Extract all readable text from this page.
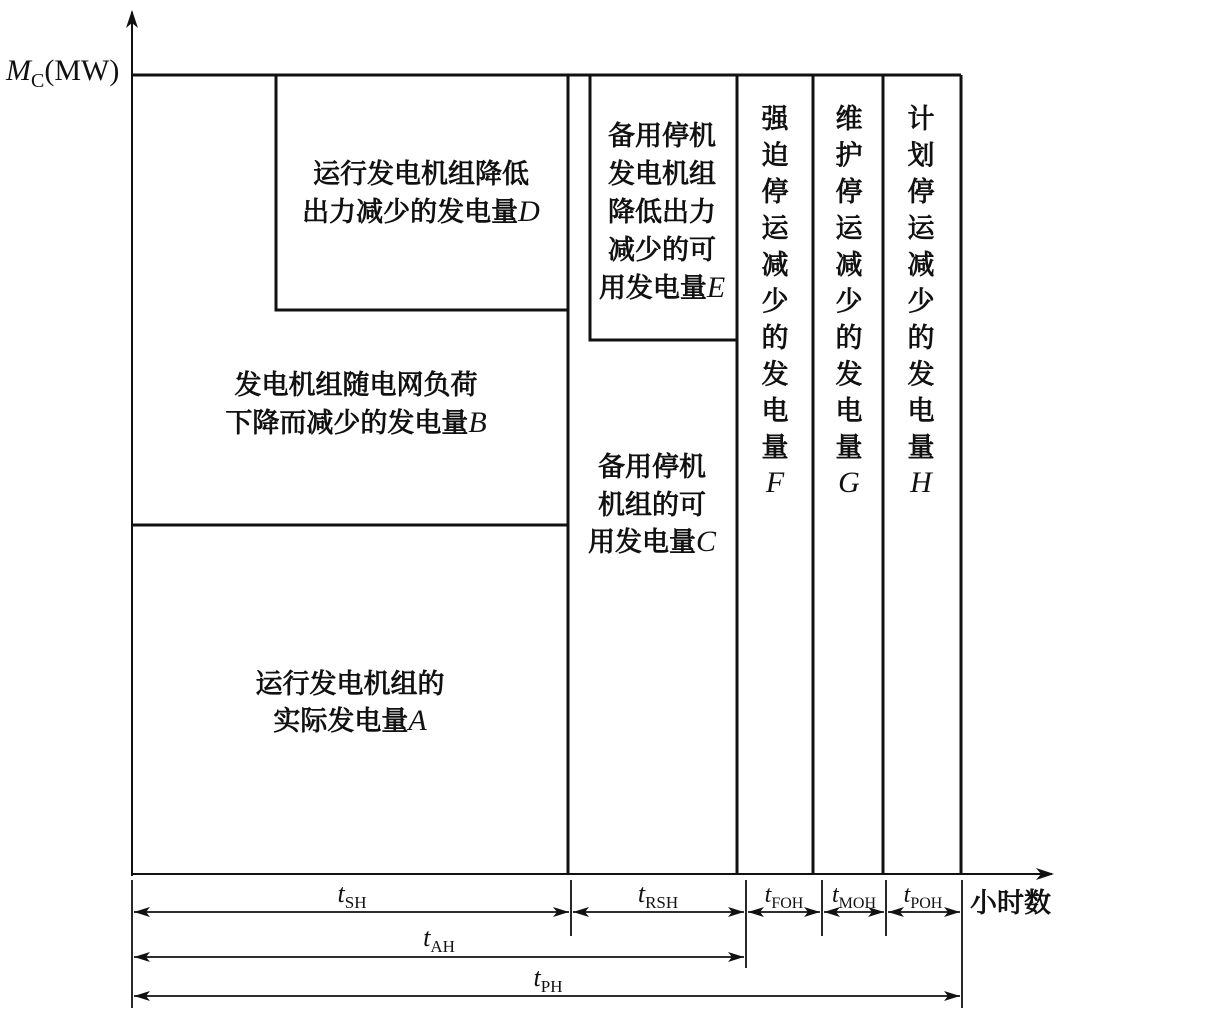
$M_C(MW)$
小时数
运行发电机组降低
出力减少的发电量D
发电机组随电网负荷
下降而减少的发电量B
运行发电机组的
实际发电量A
备用停机
发电机组
降低出力
减少的可
用发电量E
备用停机
机组的可
用发电量C
强
迫
停
运
减
少
的
发
电
量
F
维
护
停
运
减
少
的
发
电
量
G
计
划
停
运
减
少
的
发
电
量
H
$t_{SH}$	$t_{RSH}$	$t_{FOH}$ $t_{MOH}$ $t_{POH}$
$t_{AH}$
$t_{PH}$
